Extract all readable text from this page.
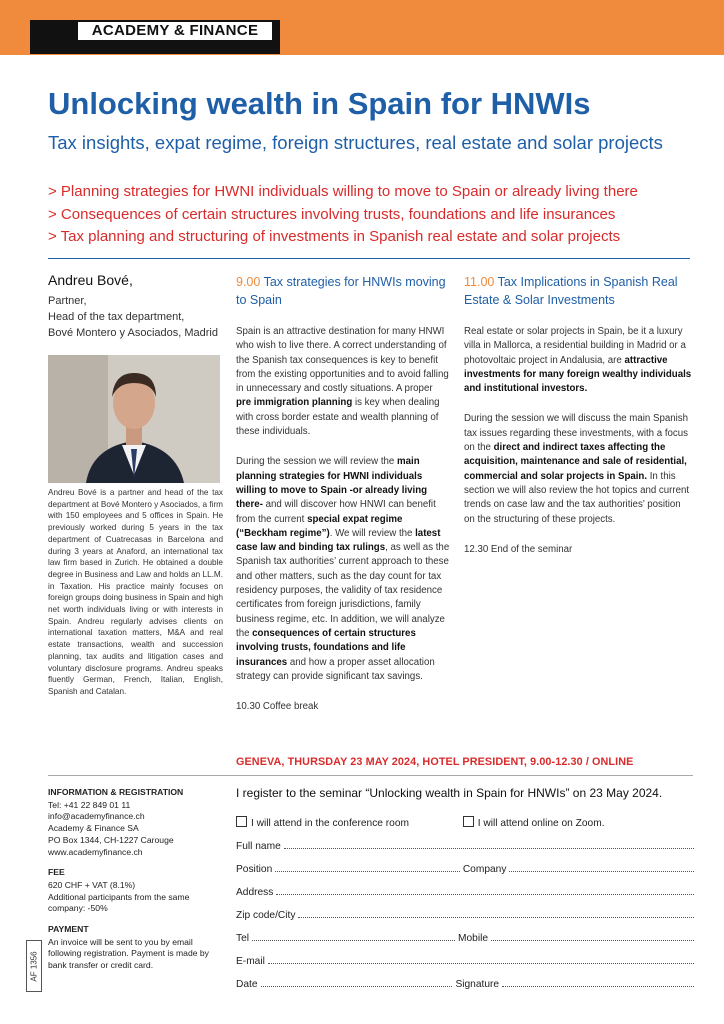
ACADEMY & FINANCE
Unlocking wealth in Spain for HNWIs
Tax insights, expat regime, foreign structures, real estate and solar projects
> Planning strategies for HWNI individuals willing to move to Spain or already living there
> Consequences of certain structures involving trusts, foundations and life insurances
> Tax planning and structuring of investments in Spanish real estate and solar projects
Andreu Bové,
Partner,
Head of the tax department,
Bové Montero y Asociados, Madrid
Andreu Bové is a partner and head of the tax department at Bové Montero y Asociados, a firm with 150 employees and 5 offices in Spain. He previously worked during 5 years in the tax department of Cuatrecasas in Barcelona and during 3 years at Anaford, an international tax law firm based in Zurich. He obtained a double degree in Business and Law and holds an LL.M. in Taxation. His practice mainly focuses on foreign groups doing business in Spain and high net worth individuals living or with interests in Spain. Andreu regularly advises clients on international taxation matters, M&A and real estate transactions, wealth and succession planning, tax audits and litigation cases and voluntary disclosure programs. Andreu speaks fluently German, French, Italian, English, Spanish and Catalan.
9.00 Tax strategies for HNWIs moving to Spain
Spain is an attractive destination for many HNWI who wish to live there. A correct understanding of the Spanish tax consequences is key to benefit from the existing opportunities and to avoid falling in unnecessary and costly situations. A proper pre immigration planning is key when dealing with cross border estate and wealth planning of these individuals.
During the session we will review the main planning strategies for HWNI individuals willing to move to Spain -or already living there- and will discover how HNWI can benefit from the current special expat regime (“Beckham regime”). We will review the latest case law and binding tax rulings, as well as the Spanish tax authorities’ current approach to these and other matters, such as the day count for tax residency purposes, the validity of tax residence certificates from foreign jurisdictions, family business regime, etc. In addition, we will analyze the consequences of certain structures involving trusts, foundations and life insurances and how a proper asset allocation strategy can provide significant tax savings.
10.30 Coffee break
11.00 Tax Implications in Spanish Real Estate & Solar Investments
Real estate or solar projects in Spain, be it a luxury villa in Mallorca, a residential building in Madrid or a photovoltaic project in Andalusia, are attractive investments for many foreign wealthy individuals and institutional investors.
During the session we will discuss the main Spanish tax issues regarding these investments, with a focus on the direct and indirect taxes affecting the acquisition, maintenance and sale of residential, commercial and solar projects in Spain. In this section we will also review the hot topics and current trends on case law and the tax authorities’ position on the structuring of these projects.
12.30 End of the seminar
GENEVA, THURSDAY 23 MAY 2024, HOTEL PRESIDENT, 9.00-12.30 / ONLINE
INFORMATION & REGISTRATION
Tel: +41 22 849 01 11
info@academyfinance.ch
Academy & Finance SA
PO Box 1344, CH-1227 Carouge
www.academyfinance.ch
FEE
620 CHF + VAT (8.1%)
Additional participants from the same company: -50%
PAYMENT
An invoice will be sent to you by email following registration. Payment is made by bank transfer or credit card.
AF 1356
I register to the seminar “Unlocking wealth in Spain for HNWIs” on 23 May 2024.
I will attend in the conference room	I will attend online on Zoom.
Full name
Position	Company
Address
Zip code/City
Tel	Mobile
E-mail
Date	Signature
